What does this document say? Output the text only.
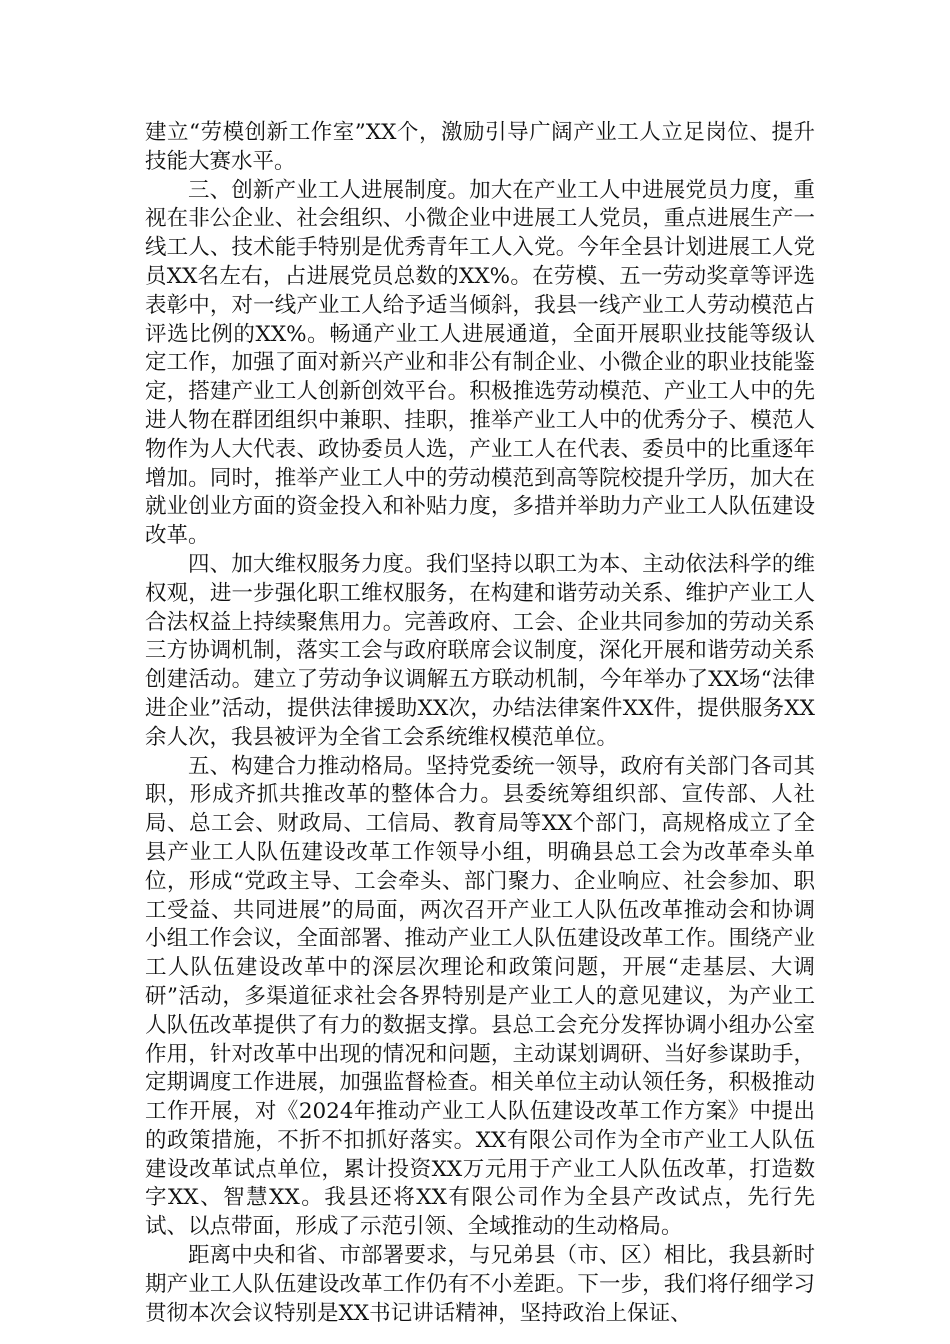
建立“劳模创新工作室”XX个，激励引导广阔产业工人立足岗位、提升技能大赛水平。

三、创新产业工人进展制度。加大在产业工人中进展党员力度，重视在非公企业、社会组织、小微企业中进展工人党员，重点进展生产一线工人、技术能手特别是优秀青年工人入党。今年全县计划进展工人党员XX名左右，占进展党员总数的XX%。在劳模、五一劳动奖章等评选表彰中，对一线产业工人给予适当倾斜，我县一线产业工人劳动模范占评选比例的XX%。畅通产业工人进展通道，全面开展职业技能等级认定工作，加强了面对新兴产业和非公有制企业、小微企业的职业技能鉴定，搭建产业工人创新创效平台。积极推选劳动模范、产业工人中的先进人物在群团组织中兼职、挂职，推举产业工人中的优秀分子、模范人物作为人大代表、政协委员人选，产业工人在代表、委员中的比重逐年增加。同时，推举产业工人中的劳动模范到高等院校提升学历，加大在就业创业方面的资金投入和补贴力度，多措并举助力产业工人队伍建设改革。

四、加大维权服务力度。我们坚持以职工为本、主动依法科学的维权观，进一步强化职工维权服务，在构建和谐劳动关系、维护产业工人合法权益上持续聚焦用力。完善政府、工会、企业共同参加的劳动关系三方协调机制，落实工会与政府联席会议制度，深化开展和谐劳动关系创建活动。建立了劳动争议调解五方联动机制，今年举办了XX场“法律进企业”活动，提供法律援助XX次，办结法律案件XX件，提供服务XX余人次，我县被评为全省工会系统维权模范单位。

五、构建合力推动格局。坚持党委统一领导，政府有关部门各司其职，形成齐抓共推改革的整体合力。县委统筹组织部、宣传部、人社局、总工会、财政局、工信局、教育局等XX个部门，高规格成立了全县产业工人队伍建设改革工作领导小组，明确县总工会为改革牵头单位，形成“党政主导、工会牵头、部门聚力、企业响应、社会参加、职工受益、共同进展”的局面，两次召开产业工人队伍改革推动会和协调小组工作会议，全面部署、推动产业工人队伍建设改革工作。围绕产业工人队伍建设改革中的深层次理论和政策问题，开展“走基层、大调研”活动，多渠道征求社会各界特别是产业工人的意见建议，为产业工人队伍改革提供了有力的数据支撑。县总工会充分发挥协调小组办公室作用，针对改革中出现的情况和问题，主动谋划调研、当好参谋助手，定期调度工作进展，加强监督检查。相关单位主动认领任务，积极推动工作开展，对《2024年推动产业工人队伍建设改革工作方案》中提出的政策措施，不折不扣抓好落实。XX有限公司作为全市产业工人队伍建设改革试点单位，累计投资XX万元用于产业工人队伍改革，打造数字XX、智慧XX。我县还将XX有限公司作为全县产改试点，先行先试、以点带面，形成了示范引领、全域推动的生动格局。

距离中央和省、市部署要求，与兄弟县（市、区）相比，我县新时期产业工人队伍建设改革工作仍有不小差距。下一步，我们将仔细学习贯彻本次会议特别是XX书记讲话精神，坚持政治上保证、
